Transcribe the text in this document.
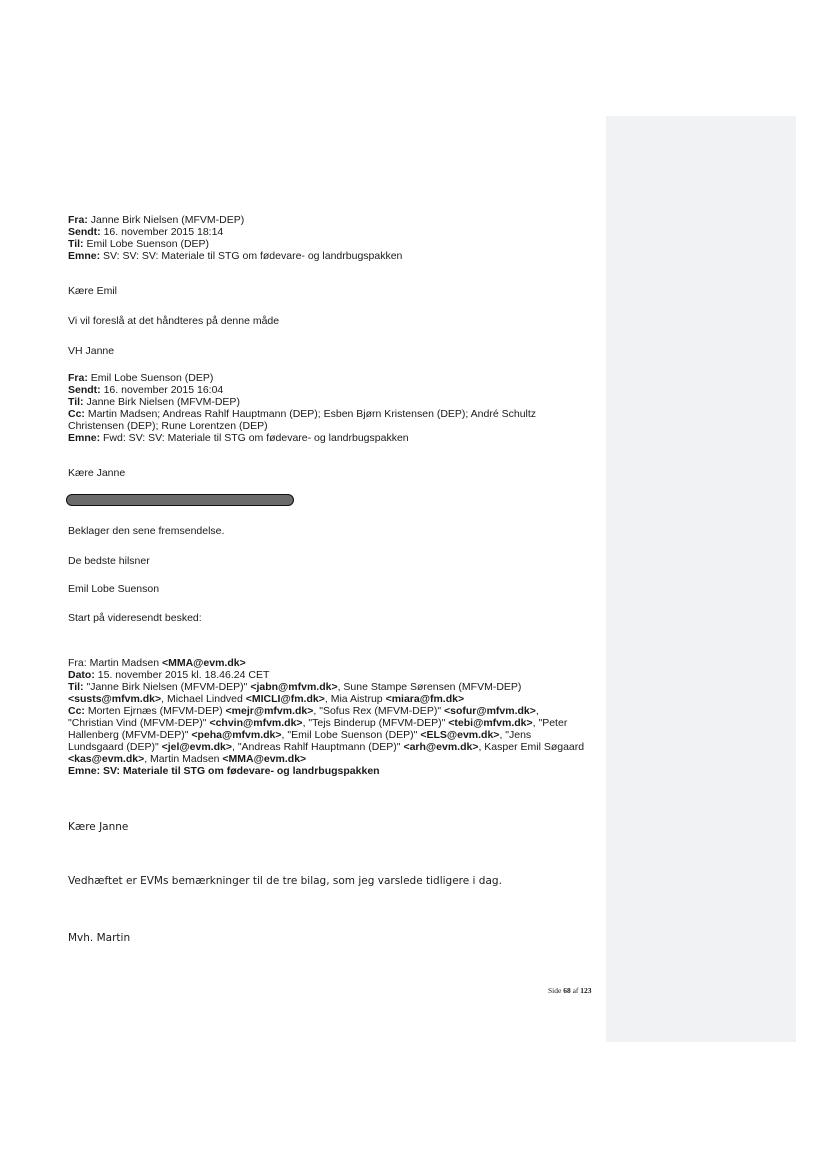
Fra: Janne Birk Nielsen (MFVM-DEP)
Sendt: 16. november 2015 18:14
Til: Emil Lobe Suenson (DEP)
Emne: SV: SV: SV: Materiale til STG om fødevare- og landrbugspakken
Kære Emil
Vi vil foreslå at det håndteres på denne måde
VH Janne
Fra: Emil Lobe Suenson (DEP)
Sendt: 16. november 2015 16:04
Til: Janne Birk Nielsen (MFVM-DEP)
Cc: Martin Madsen; Andreas Rahlf Hauptmann (DEP); Esben Bjørn Kristensen (DEP); André Schultz
Christensen (DEP); Rune Lorentzen (DEP)
Emne: Fwd: SV: SV: Materiale til STG om fødevare- og landrbugspakken
Kære Janne
Beklager den sene fremsendelse.
De bedste hilsner
Emil Lobe Suenson
Start på videresendt besked:
Fra: Martin Madsen <MMA@evm.dk>
Dato: 15. november 2015 kl. 18.46.24 CET
Til: "Janne Birk Nielsen (MFVM-DEP)" <jabn@mfvm.dk>, Sune Stampe Sørensen (MFVM-DEP)
<susts@mfvm.dk>, Michael Lindved <MICLI@fm.dk>, Mia Aistrup <miara@fm.dk>
Cc: Morten Ejrnæs (MFVM-DEP) <mejr@mfvm.dk>, "Sofus Rex (MFVM-DEP)" <sofur@mfvm.dk>,
"Christian Vind (MFVM-DEP)" <chvin@mfvm.dk>, "Tejs Binderup (MFVM-DEP)" <tebi@mfvm.dk>, "Peter
Hallenberg (MFVM-DEP)" <peha@mfvm.dk>, "Emil Lobe Suenson (DEP)" <ELS@evm.dk>, "Jens
Lundsgaard (DEP)" <jel@evm.dk>, "Andreas Rahlf Hauptmann (DEP)" <arh@evm.dk>, Kasper Emil Søgaard
<kas@evm.dk>, Martin Madsen <MMA@evm.dk>
Emne: SV: Materiale til STG om fødevare- og landrbugspakken
Kære Janne
Vedhæftet er EVMs bemærkninger til de tre bilag, som jeg varslede tidligere i dag.
Mvh. Martin
Side 68 af 123
